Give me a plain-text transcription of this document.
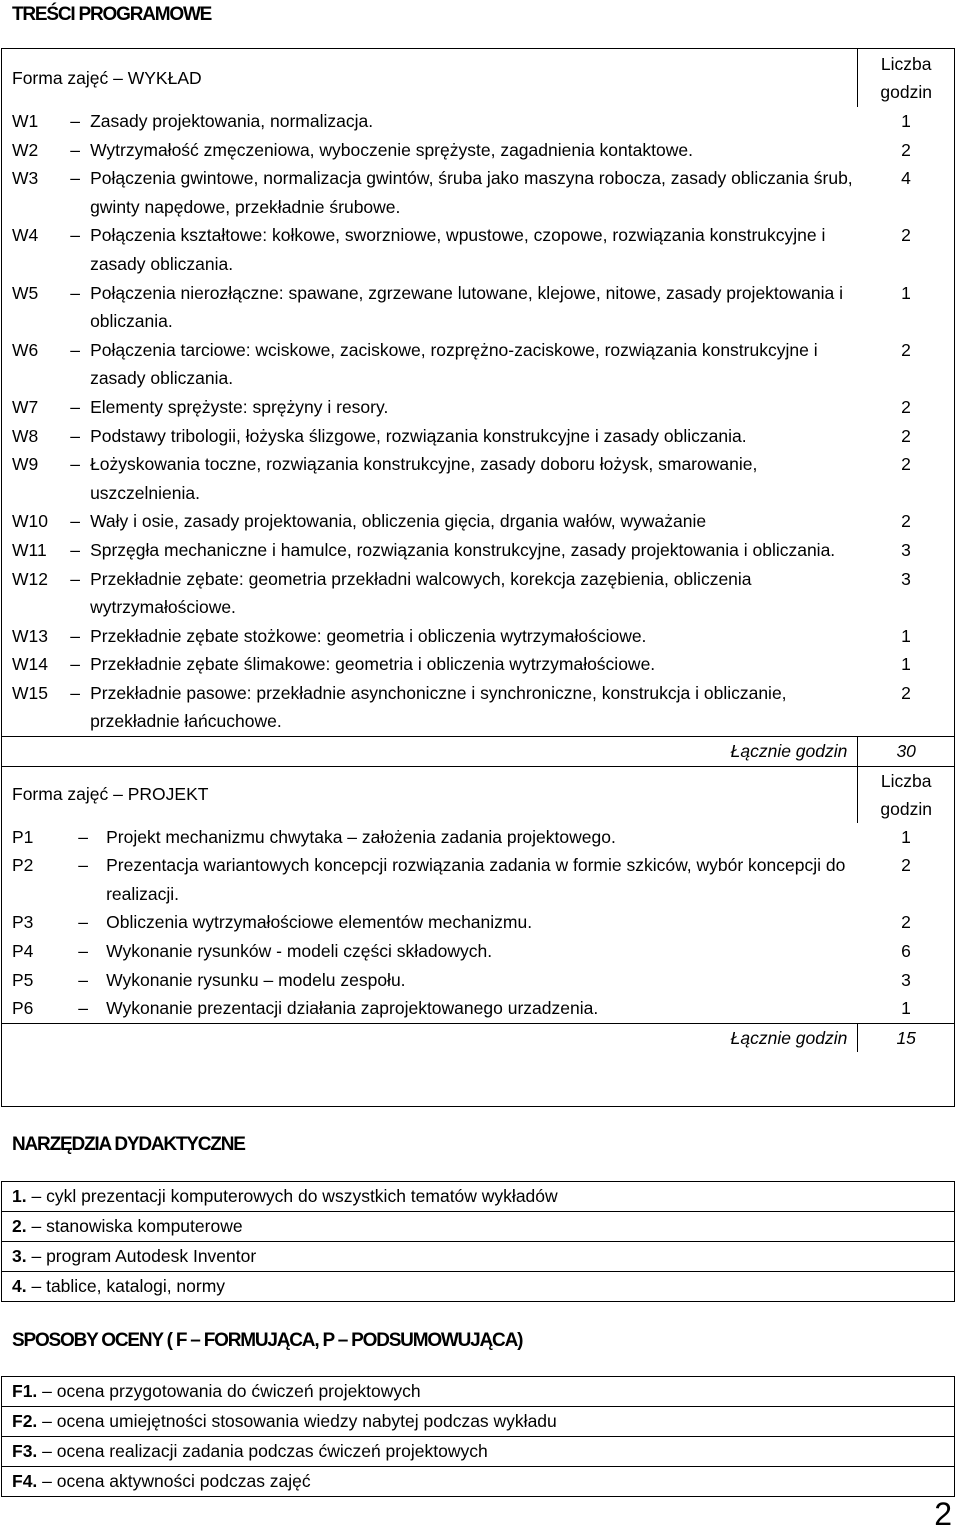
TREŚCI PROGRAMOWE
Forma zajęć – WYKŁAD			Liczba
godzin

W1	–	Zasady projektowania, normalizacja.	1
W2	–	Wytrzymałość zmęczeniowa, wyboczenie sprężyste, zagadnienia kontaktowe.	2
W3	–	Połączenia gwintowe, normalizacja gwintów, śruba jako maszyna robocza, zasady obliczania śrub, gwinty napędowe, przekładnie śrubowe.	4
W4	–	Połączenia kształtowe: kołkowe, sworzniowe, wpustowe, czopowe, rozwiązania konstrukcyjne i zasady obliczania.	2
W5	–	Połączenia nierozłączne: spawane, zgrzewane lutowane, klejowe, nitowe, zasady projektowania i obliczania.	1
W6	–	Połączenia tarciowe: wciskowe, zaciskowe, rozprężno-zaciskowe, rozwiązania konstrukcyjne i zasady obliczania.	2
W7	–	Elementy sprężyste: sprężyny i resory.	2
W8	–	Podstawy tribologii, łożyska ślizgowe, rozwiązania konstrukcyjne i zasady obliczania.	2
W9	–	Łożyskowania toczne, rozwiązania konstrukcyjne, zasady doboru łożysk, smarowanie, uszczelnienia.	2
W10	–	Wały i osie, zasady projektowania, obliczenia gięcia, drgania wałów, wyważanie	2
W11	–	Sprzęgła mechaniczne i hamulce, rozwiązania konstrukcyjne, zasady projektowania i obliczania.	3
W12	–	Przekładnie zębate: geometria przekładni walcowych, korekcja zazębienia, obliczenia wytrzymałościowe.	3
W13	–	Przekładnie zębate stożkowe: geometria i obliczenia wytrzymałościowe.	1
W14	–	Przekładnie zębate ślimakowe: geometria i obliczenia wytrzymałościowe.	1
W15	–	Przekładnie pasowe: przekładnie asynchoniczne i synchroniczne, konstrukcja i obliczanie, przekładnie łańcuchowe.	2
Łącznie godzin			30
Forma zajęć – PROJEKT			Liczba
godzin

P1	–	Projekt mechanizmu chwytaka – założenia zadania projektowego.	1
P2	–	Prezentacja wariantowych koncepcji rozwiązania zadania w formie szkiców, wybór koncepcji do realizacji.	2
P3	–	Obliczenia wytrzymałościowe elementów mechanizmu.	2
P4	–	Wykonanie rysunków - modeli części składowych.	6
P5	–	Wykonanie rysunku – modelu zespołu.	3
P6	–	Wykonanie prezentacji działania zaprojektowanego urzadzenia.	1
Łącznie godzin			15
NARZĘDZIA DYDAKTYCZNE
1. – cykl prezentacji komputerowych do wszystkich tematów wykładów
2. – stanowiska komputerowe
3. – program Autodesk Inventor
4. – tablice, katalogi, normy
SPOSOBY OCENY ( F – FORMUJĄCA, P – PODSUMOWUJĄCA)
F1. – ocena przygotowania do ćwiczeń projektowych
F2. – ocena umiejętności stosowania wiedzy nabytej podczas wykładu
F3. – ocena realizacji zadania podczas ćwiczeń projektowych
F4. – ocena aktywności podczas zajęć
2
